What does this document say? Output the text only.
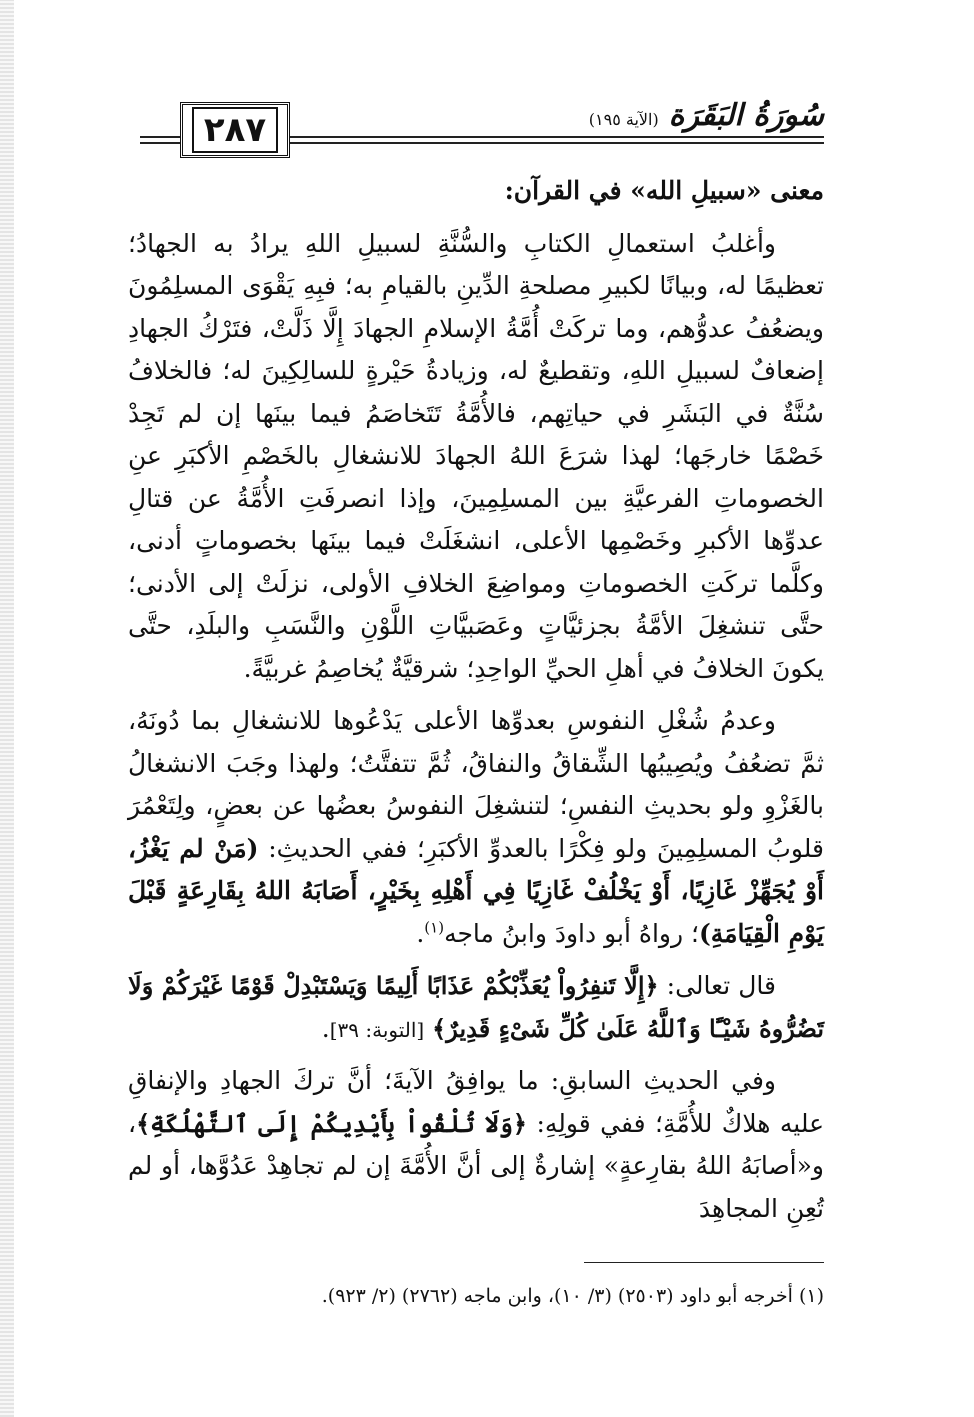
سُورَةُ البَقَرَة
(الآية ١٩٥)
٢٨٧

معنى «سبيلِ الله» في القرآن:

وأغلبُ استعمالِ الكتابِ والسُّنَّةِ لسبيلِ اللهِ يرادُ به الجهادُ؛ تعظيمًا له، وبيانًا لكبيرِ مصلحةِ الدِّينِ بالقيامِ به؛ فبِهِ يَقْوَى المسلِمُونَ ويضعُفُ عدوُّهم، وما تركَتْ أُمَّةُ الإسلامِ الجهادَ إِلَّا ذَلَّتْ، فتَرْكُ الجهادِ إضعافٌ لسبيلِ اللهِ، وتقطيعٌ له، وزيادةُ حَيْرةٍ للسالِكِينَ له؛ فالخلافُ سُنَّةٌ في البَشَرِ في حياتِهم، فالأُمَّةُ تَتَخاصَمُ فيما بينَها إن لم تَجِدْ خَصْمًا خارجَها؛ لهذا شرَعَ اللهُ الجهادَ للانشغالِ بالخَصْمِ الأكبَرِ عنِ الخصوماتِ الفرعيَّةِ بين المسلِمِينَ، وإذا انصرفَتِ الأُمَّةُ عن قتالِ عدوِّها الأكبرِ وخَصْمِها الأعلى، انشغَلَتْ فيما بينَها بخصوماتٍ أدنى، وكلَّما تركَتِ الخصوماتِ ومواضِعَ الخلافِ الأولى، نزلَتْ إلى الأدنى؛ حتَّى تنشغِلَ الأمَّةُ بجزئيَّاتٍ وعَصَبيَّاتِ اللَّوْنِ والنَّسَبِ والبلَدِ، حتَّى يكونَ الخلافُ في أهلِ الحيِّ الواحِدِ؛ شرقيَّةٌ يُخاصِمُ غربيَّةً.

وعدمُ شُغْلِ النفوسِ بعدوِّها الأعلى يَدْعُوها للانشغالِ بما دُونَهُ، ثمَّ تضعُفُ ويُصِيبُها الشِّقاقُ والنفاقُ، ثُمَّ تتفتَّتُ؛ ولهذا وجَبَ الانشغالُ بالغَزْوِ ولو بحديثِ النفسِ؛ لتنشغِلَ النفوسُ بعضُها عن بعضٍ، ولِتَعْمُرَ قلوبُ المسلِمِينَ ولو فِكْرًا بالعدوِّ الأكبَرِ؛ ففي الحديثِ: (مَنْ لم يَغْزُ، أَوْ يُجَهِّزْ غَازِيًا، أَوْ يَخْلُفْ غَازِيًا فِي أَهْلِهِ بِخَيْرٍ، أَصَابَهُ اللهُ بِقَارِعَةٍ قَبْلَ يَوْمِ الْقِيَامَةِ)؛ رواهُ أبو داودَ وابنُ ماجه$^{(١)}$.

قال تعالى: ﴿إِلَّا تَنفِرُواْ يُعَذِّبْكُمْ عَذَابًا أَلِيمًا وَيَسْتَبْدِلْ قَوْمًا غَيْرَكُمْ وَلَا تَضُرُّوهُ شَيْـًٔا وَٱللَّهُ عَلَىٰ كُلِّ شَىْءٍ قَدِيرٌ﴾ [التوبة: ٣٩].

وفي الحديثِ السابقِ: ما يوافِقُ الآيةَ؛ أنَّ تركَ الجهادِ والإنفاقِ عليه هلاكٌ للأُمَّةِ؛ ففي قولِهِ: ﴿وَلَا تُلْقُواْ بِأَيْدِيكُمْ إِلَى ٱلتَّهْلُكَةِ﴾، و«أصابَهُ اللهُ بقارِعةٍ» إشارةٌ إلى أنَّ الأُمَّةَ إن لم تجاهِدْ عَدُوَّها، أو لم تُعِنِ المجاهِدَ

(١) أخرجه أبو داود (٢٥٠٣) (٣/ ١٠)، وابن ماجه (٢٧٦٢) (٢/ ٩٢٣).
